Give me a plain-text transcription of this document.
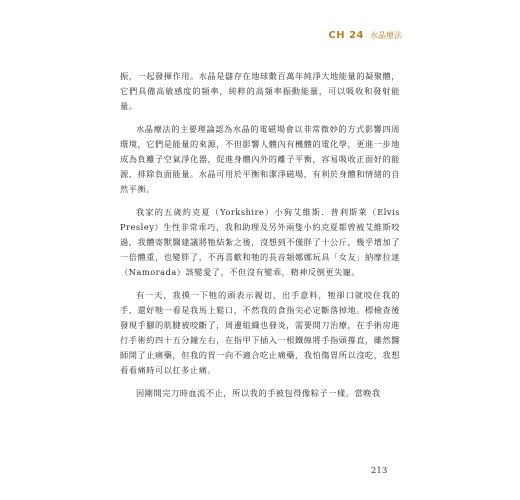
CH 24 水晶療法

振，一起發揮作用。水晶是儲存在地球數百萬年純淨大地能量的凝聚體，它們具備高敏感度的頻率，純粹的高頻率振動能量，可以吸收和發射能量。

水晶療法的主要理論認為水晶的電磁場會以非常微妙的方式影響四周環境，它們是能量的來源，不但影響人體內有機體的電化學，更進一步地成為負離子空氣淨化器，促進身體內外的離子平衡，容易吸收正面好的能源，排除負面能量。水晶可用於平衡和潔淨磁場，有利於身體和情緒的自然平衡。

我家的五歲約克夏（Yorkshire）小狗艾維斯．普利斯萊（Elvis Presley）生性非常乖巧，我和助理及另外兩隻小約克夏都曾被艾維斯咬過，我體寄獸醫建議將牠結紮之後，沒想到不僅胖了十公斤，幾乎增加了一倍體重，也變胖了，不再喜歡和牠的長音頻娜娜玩具「女友」納摩拉達（Namorada）該變愛了，不但沒有變乖，精神反倒更失寵。

有一天，我摸一下牠的頭表示親切，出手意料，牠卻口就咬住我的手，還好牠一看是我馬上鬆口，不然我的食指尖必定斷落掉地。標檢查後發現手腳的肌腱被咬斷了，周邊組織也發炎，需要開刀治療，在手術房進行手術約四十五分鐘左右，在指甲下插入一根鐵線將手指頭撐直，雖然醫師開了止痛藥，但我的胃一向不適合吃止痛藥，我怕傷胃所以沒吃，我想看看痛時可以扛多止痛。

因剛開完刀時血流不止，所以我的手被包得像粽子一樣。當晚我

213
